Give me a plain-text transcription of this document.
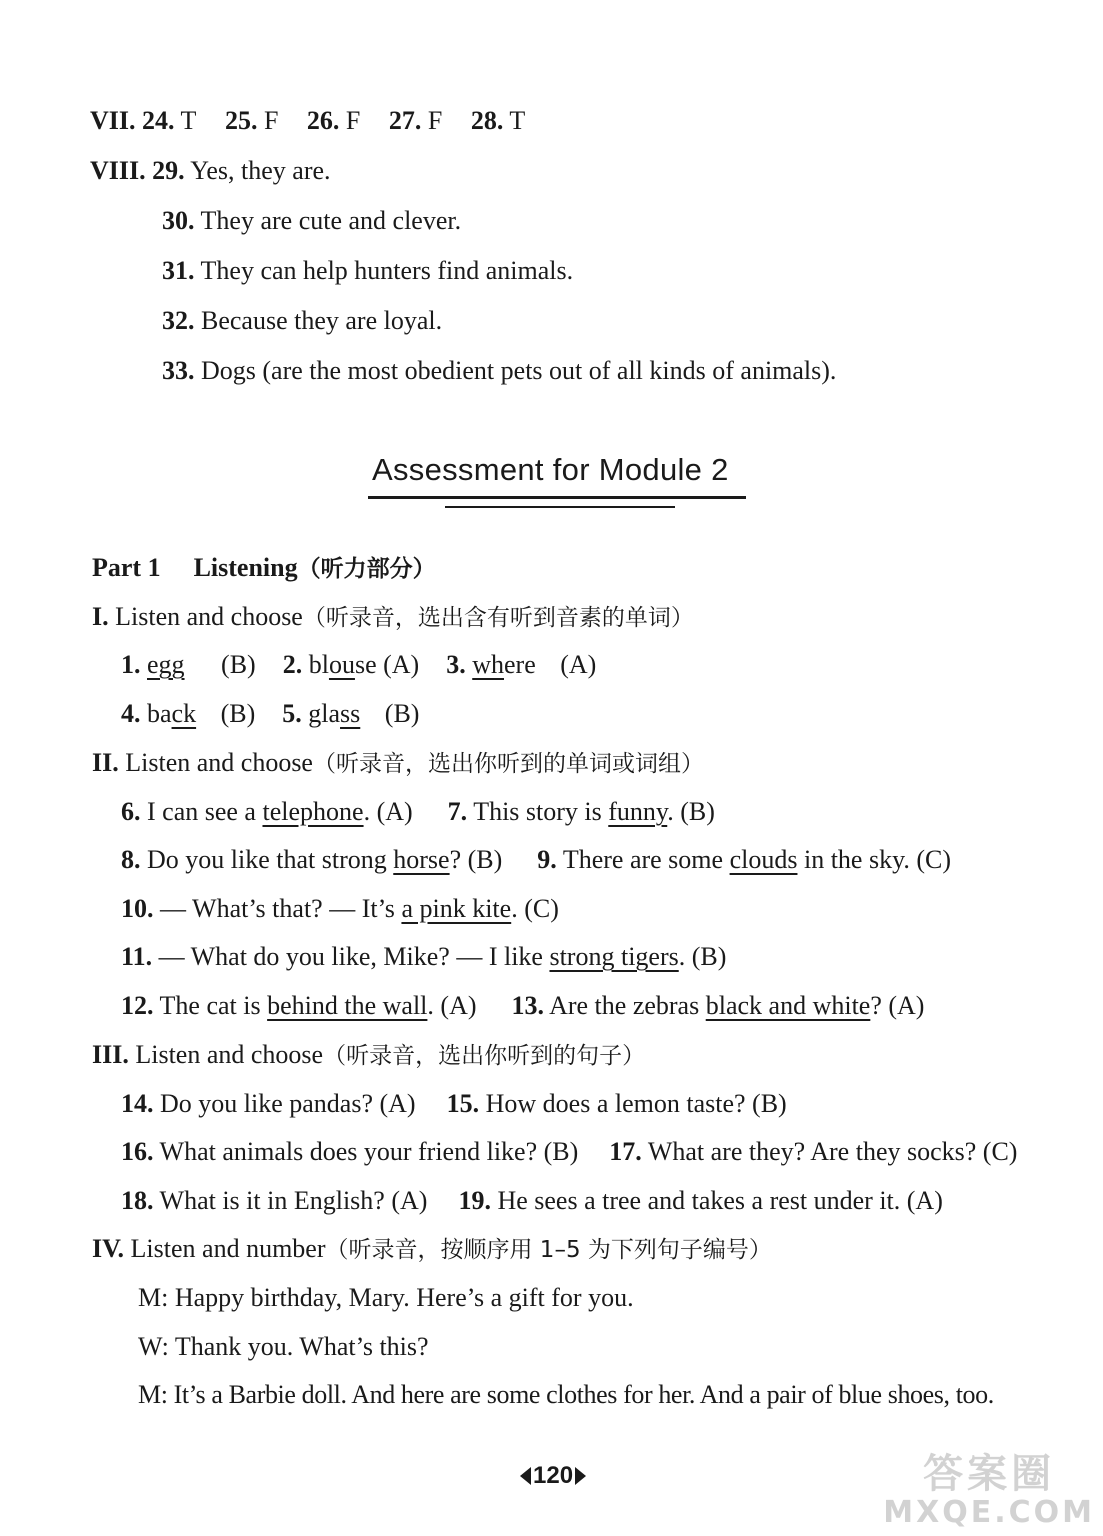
VII. 24. T 25. F 26. F 27. F 28. T
VIII. 29. Yes, they are.
30. They are cute and clever.
31. They can help hunters find animals.
32. Because they are loyal.
33. Dogs (are the most obedient pets out of all kinds of animals).
Assessment for Module 2
Part 1 Listening（听力部分）
I. Listen and choose（听录音，选出含有听到音素的单词）
1. egg (B) 2. blouse (A) 3. where (A)
4. back (B) 5. glass (B)
II. Listen and choose（听录音，选出你听到的单词或词组）
6. I can see a telephone. (A) 7. This story is funny. (B)
8. Do you like that strong horse? (B) 9. There are some clouds in the sky. (C)
10. — What’s that? — It’s a pink kite. (C)
11. — What do you like, Mike? — I like strong tigers. (B)
12. The cat is behind the wall. (A) 13. Are the zebras black and white? (A)
III. Listen and choose（听录音，选出你听到的句子）
14. Do you like pandas? (A) 15. How does a lemon taste? (B)
16. What animals does your friend like? (B) 17. What are they? Are they socks? (C)
18. What is it in English? (A) 19. He sees a tree and takes a rest under it. (A)
IV. Listen and number（听录音，按顺序用 1–5 为下列句子编号）
M: Happy birthday, Mary. Here’s a gift for you.
W: Thank you. What’s this?
M: It’s a Barbie doll. And here are some clothes for her. And a pair of blue shoes, too.
120	答案圈
MXQE.COM
